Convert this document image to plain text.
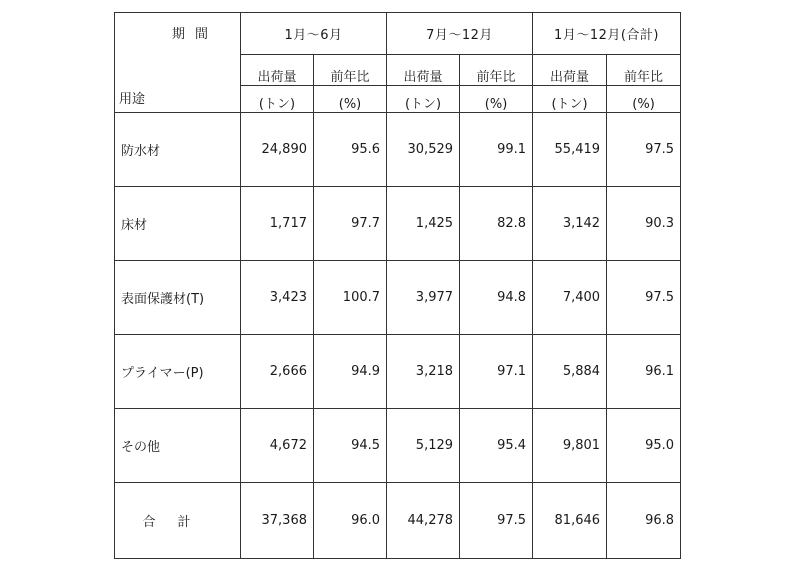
期間
用途	1月～6月		7月～12月		1月～12月(合計)	
	出荷量	前年比	出荷量	前年比	出荷量	前年比
	(トン)	(%)	(トン)	(%)	(トン)	(%)
防水材	24,890	95.6	30,529	99.1	55,419	97.5
床材	1,717	97.7	1,425	82.8	3,142	90.3
表面保護材(T)	3,423	100.7	3,977	94.8	7,400	97.5
プライマー(P)	2,666	94.9	3,218	97.1	5,884	96.1
その他	4,672	94.5	5,129	95.4	9,801	95.0
合計	37,368	96.0	44,278	97.5	81,646	96.8
